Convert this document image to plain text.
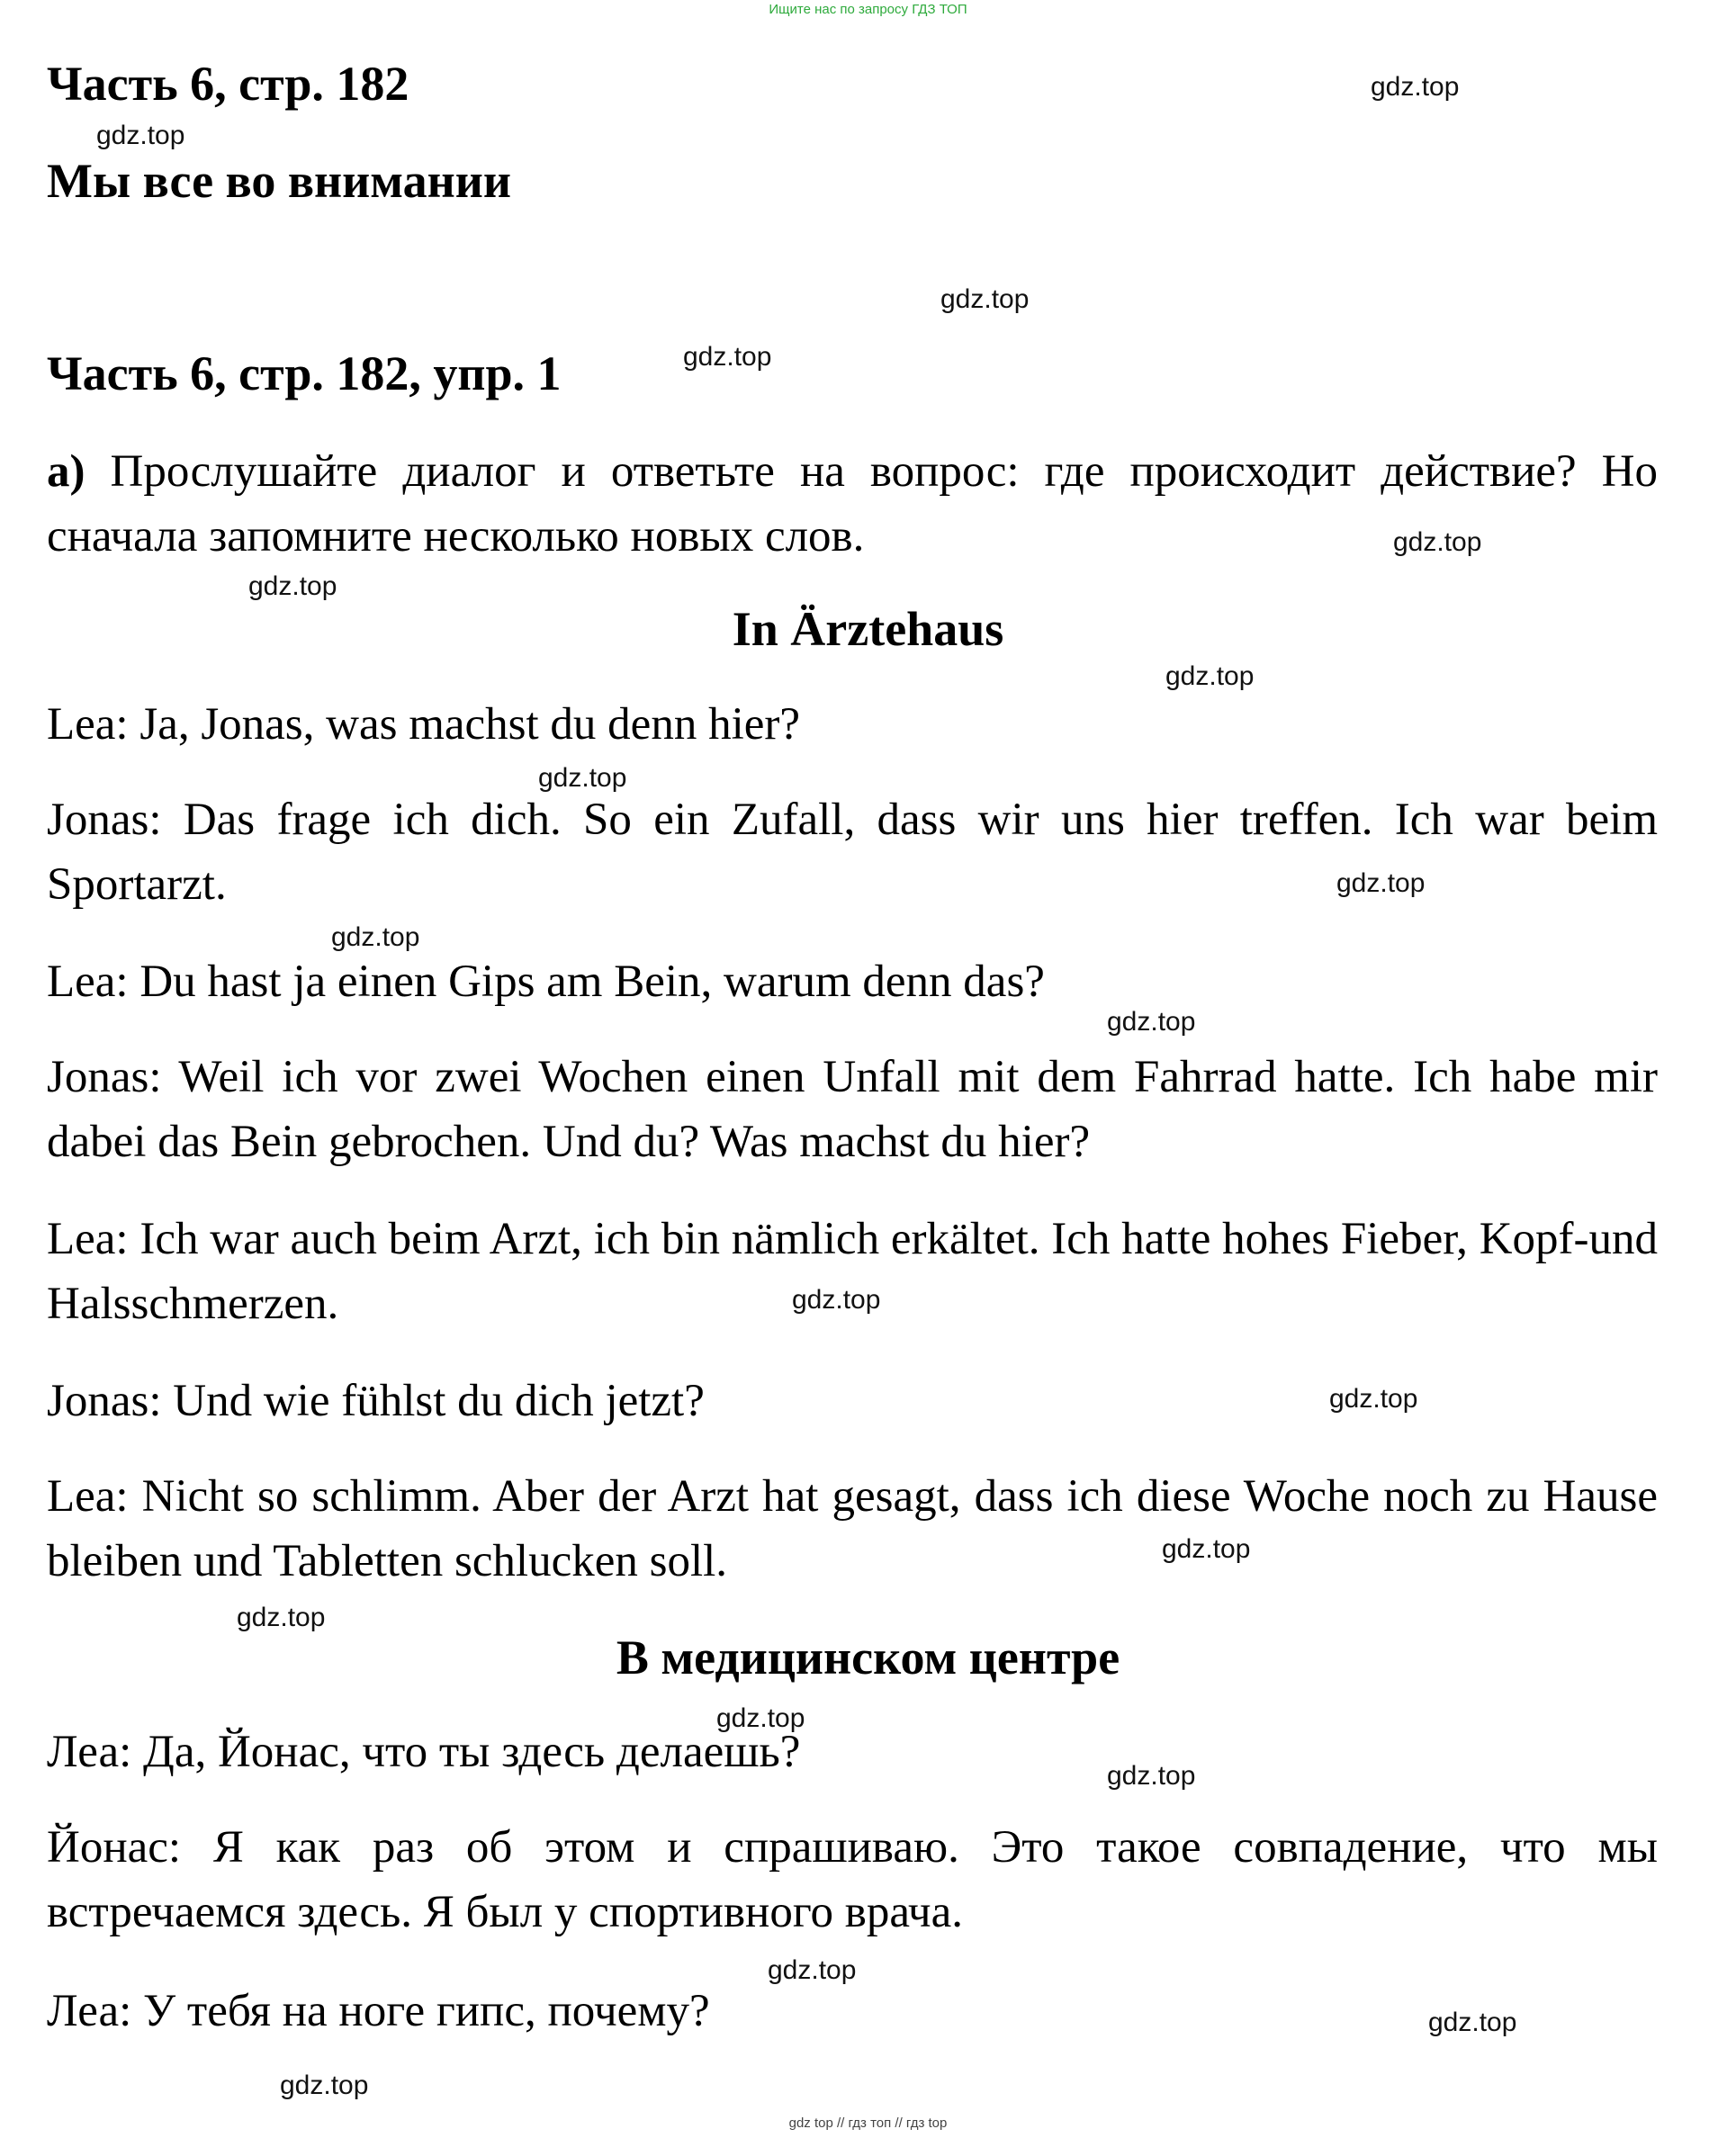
Ищите нас по запросу ГДЗ ТОП
Часть 6, стр. 182
Мы все во внимании
Часть 6, стр. 182, упр. 1
а) Прослушайте диалог и ответьте на вопрос: где происходит действие? Но сначала запомните несколько новых слов.
In Ärztehaus
Lea: Ja, Jonas, was machst du denn hier?
Jonas: Das frage ich dich. So ein Zufall, dass wir uns hier treffen. Ich war beim Sportarzt.
Lea: Du hast ja einen Gips am Bein, warum denn das?
Jonas: Weil ich vor zwei Wochen einen Unfall mit dem Fahrrad hatte. Ich habe mir dabei das Bein gebrochen. Und du? Was machst du hier?
Lea: Ich war auch beim Arzt, ich bin nämlich erkältet. Ich hatte hohes Fieber, Kopf-und Halsschmerzen.
Jonas: Und wie fühlst du dich jetzt?
Lea: Nicht so schlimm. Aber der Arzt hat gesagt, dass ich diese Woche noch zu Hause bleiben und Tabletten schlucken soll.
В медицинском центре
Леа: Да, Йонас, что ты здесь делаешь?
Йонас: Я как раз об этом и спрашиваю. Это такое совпадение, что мы встречаемся здесь. Я был у спортивного врача.
Леа: У тебя на ноге гипс, почему?
gdz.top
gdz.top
gdz.top
gdz.top
gdz.top
gdz.top
gdz.top
gdz.top
gdz.top
gdz.top
gdz.top
gdz.top
gdz.top
gdz.top
gdz.top
gdz.top
gdz.top
gdz.top
gdz.top
gdz.top
gdz top // гдз топ // гдз top
